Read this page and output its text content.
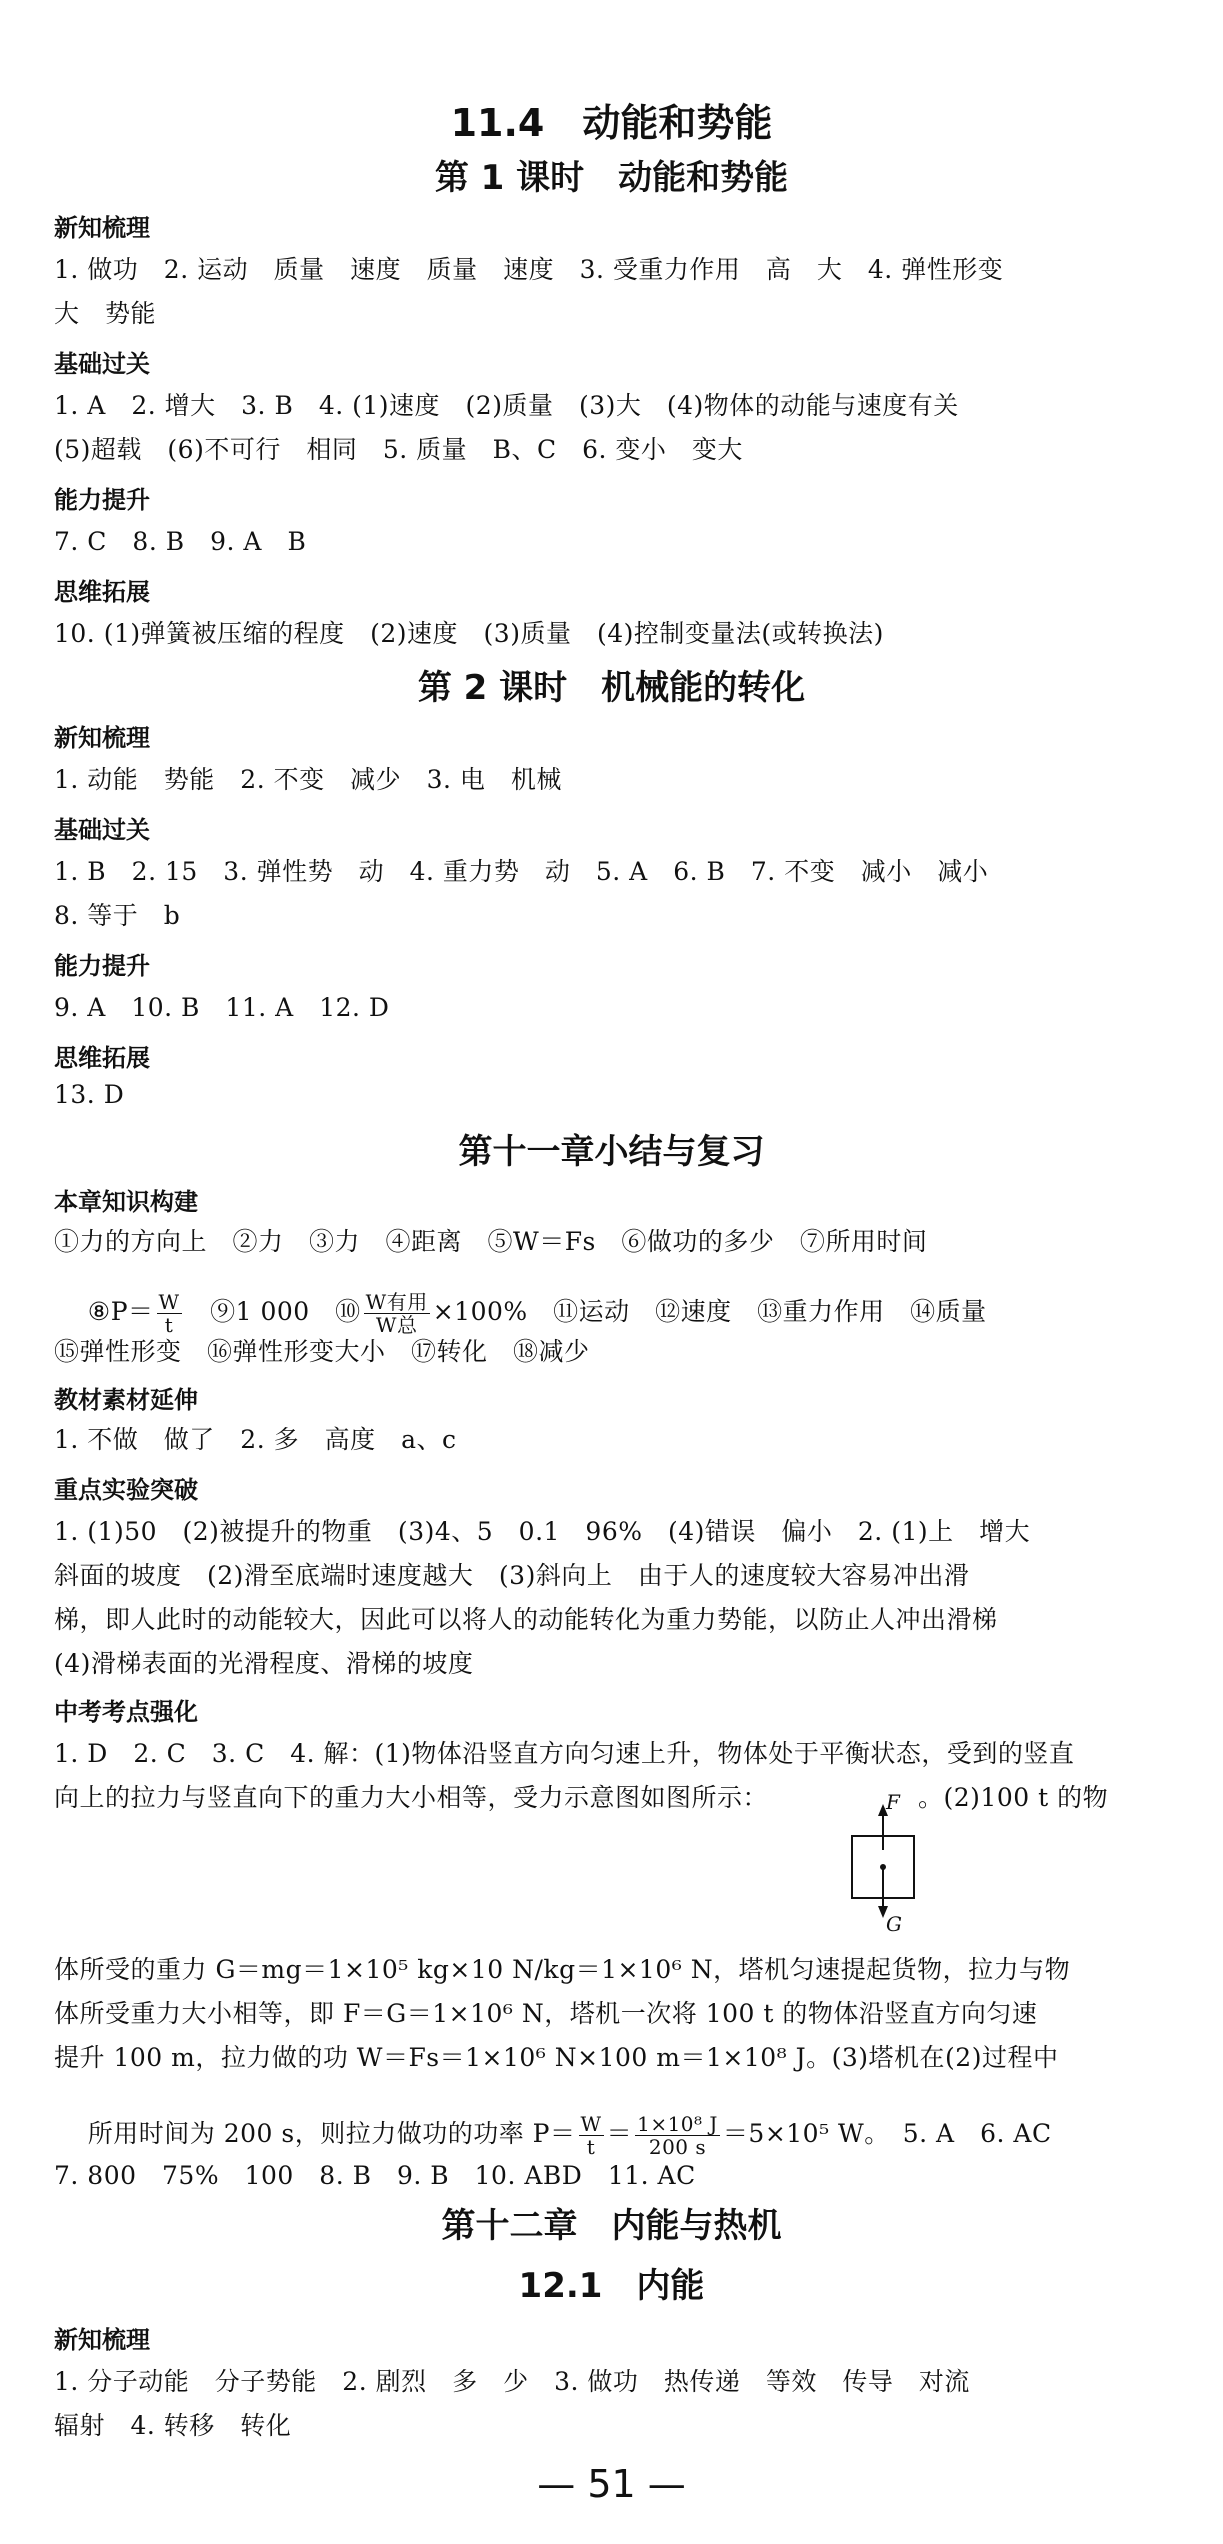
11.4　动能和势能
第 1 课时　动能和势能
新知梳理
1. 做功　2. 运动　质量　速度　质量　速度　3. 受重力作用　高　大　4. 弹性形变
大　势能
基础过关
1. A　2. 增大　3. B　4. (1)速度　(2)质量　(3)大　(4)物体的动能与速度有关
(5)超载　(6)不可行　相同　5. 质量　B、C　6. 变小　变大
能力提升
7. C　8. B　9. A　B
思维拓展
10. (1)弹簧被压缩的程度　(2)速度　(3)质量　(4)控制变量法(或转换法)
第 2 课时　机械能的转化
新知梳理
1. 动能　势能　2. 不变　减少　3. 电　机械
基础过关
1. B　2. 15　3. 弹性势　动　4. 重力势　动　5. A　6. B　7. 不变　减小　减小
8. 等于　b
能力提升
9. A　10. B　11. A　12. D
思维拓展
13. D
第十一章小结与复习
本章知识构建
①力的方向上　②力　③力　④距离　⑤W＝Fs　⑥做功的多少　⑦所用时间

⑧P＝ $\frac{W}{t}$ 　⑨1 000　⑩ $\frac{\text{W有用}}{\text{W总}} \times 100\%$　⑪运动　⑫速度　⑬重力作用　⑭质量

⑮弹性形变　⑯弹性形变大小　⑰转化　⑱减少
教材素材延伸
1. 不做　做了　2. 多　高度　a、c
重点实验突破
1. (1)50　(2)被提升的物重　(3)4、5　0.1　96%　(4)错误　偏小　2. (1)上　增大
斜面的坡度　(2)滑至底端时速度越大　(3)斜向上　由于人的速度较大容易冲出滑
梯，即人此时的动能较大，因此可以将人的动能转化为重力势能，以防止人冲出滑梯
(4)滑梯表面的光滑程度、滑梯的坡度
中考考点强化
1. D　2. C　3. C　4. 解：(1)物体沿竖直方向匀速上升，物体处于平衡状态，受到的竖直
向上的拉力与竖直向下的重力大小相等，受力示意图如图所示：	。(2)100 t 的物
F
G
体所受的重力 G＝mg＝1×10⁵ kg×10 N/kg＝1×10⁶ N，塔机匀速提起货物，拉力与物
体所受重力大小相等，即 F＝G＝1×10⁶ N，塔机一次将 100 t 的物体沿竖直方向匀速
提升 100 m，拉力做的功 W＝Fs＝1×10⁶ N×100 m＝1×10⁸ J。(3)塔机在(2)过程中

所用时间为 200 s，则拉力做功的功率 $P= \frac{W}{t} = \frac{\text{1×10⁸ J}}{200 s} =5\times 10^5$ W。　5. A　6. AC

7. 800　75%　100　8. B　9. B　10. ABD　11. AC
第十二章　内能与热机
12.1　内能
新知梳理
1. 分子动能　分子势能　2. 剧烈　多　少　3. 做功　热传递　等效　传导　对流
辐射　4. 转移　转化
— 51 —
